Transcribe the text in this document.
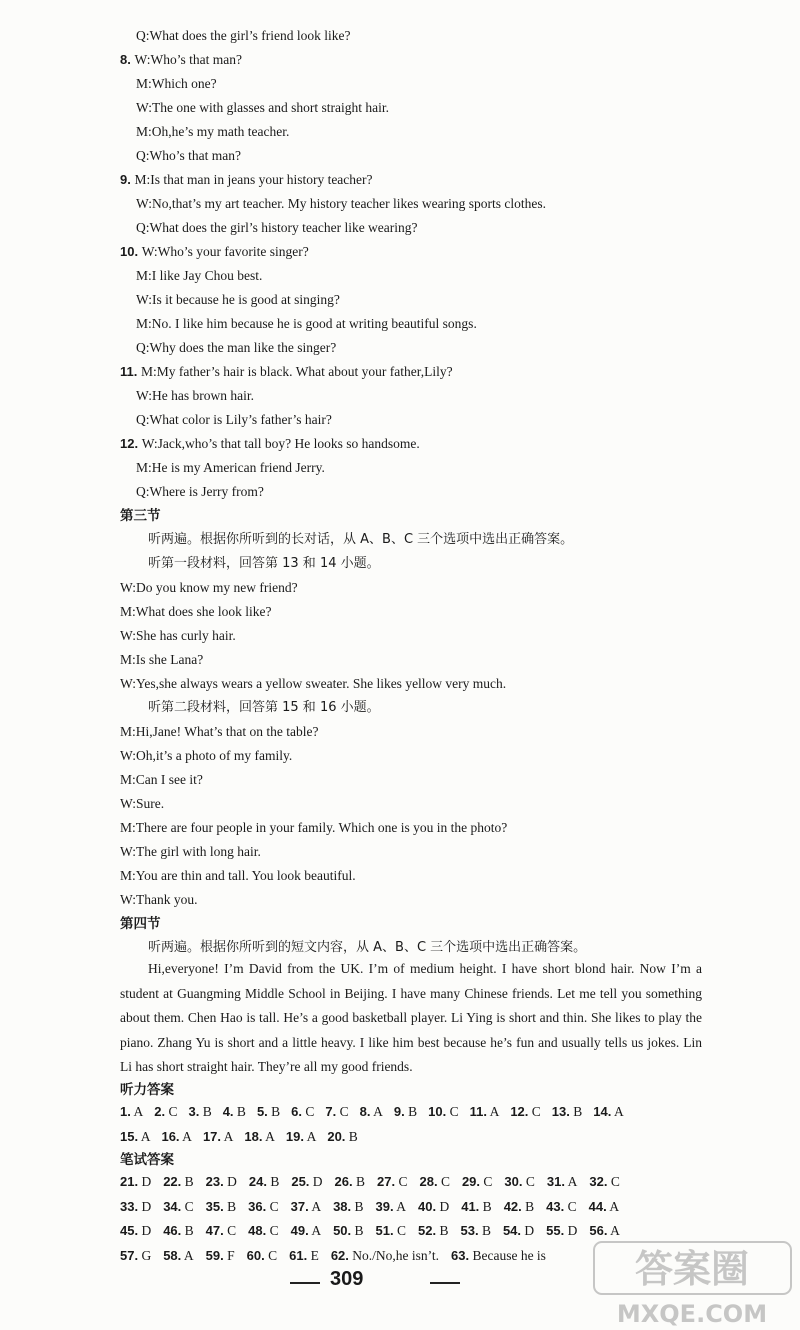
Q:What does the girl’s friend look like?
8. W:Who’s that man?
M:Which one?
W:The one with glasses and short straight hair.
M:Oh,he’s my math teacher.
Q:Who’s that man?
9. M:Is that man in jeans your history teacher?
W:No,that’s my art teacher. My history teacher likes wearing sports clothes.
Q:What does the girl’s history teacher like wearing?
10. W:Who’s your favorite singer?
M:I like Jay Chou best.
W:Is it because he is good at singing?
M:No. I like him because he is good at writing beautiful songs.
Q:Why does the man like the singer?
11. M:My father’s hair is black. What about your father,Lily?
W:He has brown hair.
Q:What color is Lily’s father’s hair?
12. W:Jack,who’s that tall boy? He looks so handsome.
M:He is my American friend Jerry.
Q:Where is Jerry from?
第三节
听两遍。根据你所听到的长对话，从 A、B、C 三个选项中选出正确答案。
听第一段材料，回答第 13 和 14 小题。
W:Do you know my new friend?
M:What does she look like?
W:She has curly hair.
M:Is she Lana?
W:Yes,she always wears a yellow sweater. She likes yellow very much.
听第二段材料，回答第 15 和 16 小题。
M:Hi,Jane! What’s that on the table?
W:Oh,it’s a photo of my family.
M:Can I see it?
W:Sure.
M:There are four people in your family. Which one is you in the photo?
W:The girl with long hair.
M:You are thin and tall. You look beautiful.
W:Thank you.
第四节
听两遍。根据你所听到的短文内容，从 A、B、C 三个选项中选出正确答案。
Hi,everyone! I’m David from the UK. I’m of medium height. I have short blond hair. Now I’m a student at Guangming Middle School in Beijing. I have many Chinese friends. Let me tell you something about them. Chen Hao is tall. He’s a good basketball player. Li Ying is short and thin. She likes to play the piano. Zhang Yu is short and a little heavy. I like him best because he’s fun and usually tells us jokes. Lin Li has short straight hair. They’re all my good friends.
听力答案
1. A 2. C 3. B 4. B 5. B 6. C 7. C 8. A 9. B 10. C 11. A 12. C 13. B 14. A
15. A 16. A 17. A 18. A 19. A 20. B
笔试答案
21. D 22. B 23. D 24. B 25. D 26. B 27. C 28. C 29. C 30. C 31. A 32. C
33. D 34. C 35. B 36. C 37. A 38. B 39. A 40. D 41. B 42. B 43. C 44. A
45. D 46. B 47. C 48. C 49. A 50. B 51. C 52. B 53. B 54. D 55. D 56. A
57. G 58. A 59. F 60. C 61. E 62. No./No,he isn’t. 63. Because he is
309	答案圈
MXQE.COM
